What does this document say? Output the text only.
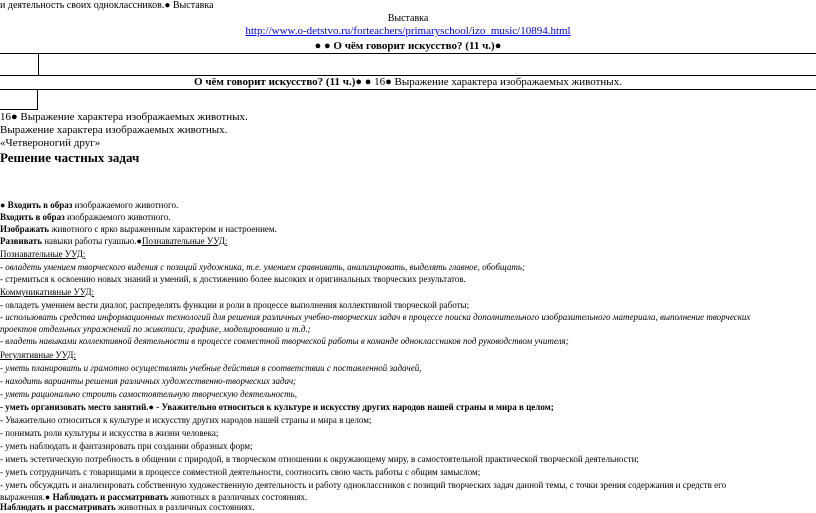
и деятельность своих одноклассников.● Выставка
Выставка
http://www.o-detstvo.ru/forteachers/primaryschool/izo_music/10894.html
● ● О чём говорит искусство? (11 ч.)●
О чём говорит искусство? (11 ч.)● ● 16● Выражение характера изображаемых животных.
16● Выражение характера изображаемых животных.
Выражение характера изображаемых животных.
«Четвероногий друг»
Решение частных задач
● Входить в образ изображаемого животного.
Входить в образ изображаемого животного.
Изображать животного с ярко выраженным характером и настроением.
Развивать навыки работы гуашью.●Познавательные УУД:
Познавательные УУД:
- овладеть умением творческого видения с позиций художника, т.е. умением сравнивать, анализировать, выделять главное, обобщать;
- стремиться к освоению новых знаний и умений, к достижению более высоких и оригинальных творческих результатов.
Коммуникативные УУД:
- овладеть умением вести диалог, распределять функции и роли в процессе выполнения коллективной творческой работы;
- использовать средства информационных технологий для решения различных учебно-творческих задач в процессе поиска дополнительного изобразительного материала, выполнение творческих
проектов отдельных упражнений по живописи, графике, моделированию и т.д.;
- владеть навыками коллективной деятельности в процессе совместной творческой работы в команде одноклассников под руководством учителя;
Регулятивные УУД:
- уметь планировать и грамотно осуществлять учебные действия в соответствии с поставленной задачей,
- находить варианты решения различных художественно-творческих задач;
- уметь рационально строить самостоятельную творческую деятельность,
- уметь организовать место занятий.● - Уважительно относиться к культуре и искусству других народов нашей страны и мира в целом;
- Уважительно относиться к культуре и искусству других народов нашей страны и мира в целом;
- понимать роли культуры и искусства в жизни человека;
- уметь наблюдать и фантазировать при создании образных форм;
- иметь эстетическую потребность в общении с природой, в творческом отношении к окружающему миру, в самостоятельной практической творческой деятельности;
- уметь сотрудничать с товарищами в процессе совместной деятельности, соотносить свою часть работы с общим замыслом;
- уметь обсуждать и анализировать собственную художественную деятельность и работу одноклассников с позиций творческих задач данной темы, с точки зрения содержания и средств его
выражения.● Наблюдать и рассматривать животных в различных состояниях.
Наблюдать и рассматривать животных в различных состояниях.
